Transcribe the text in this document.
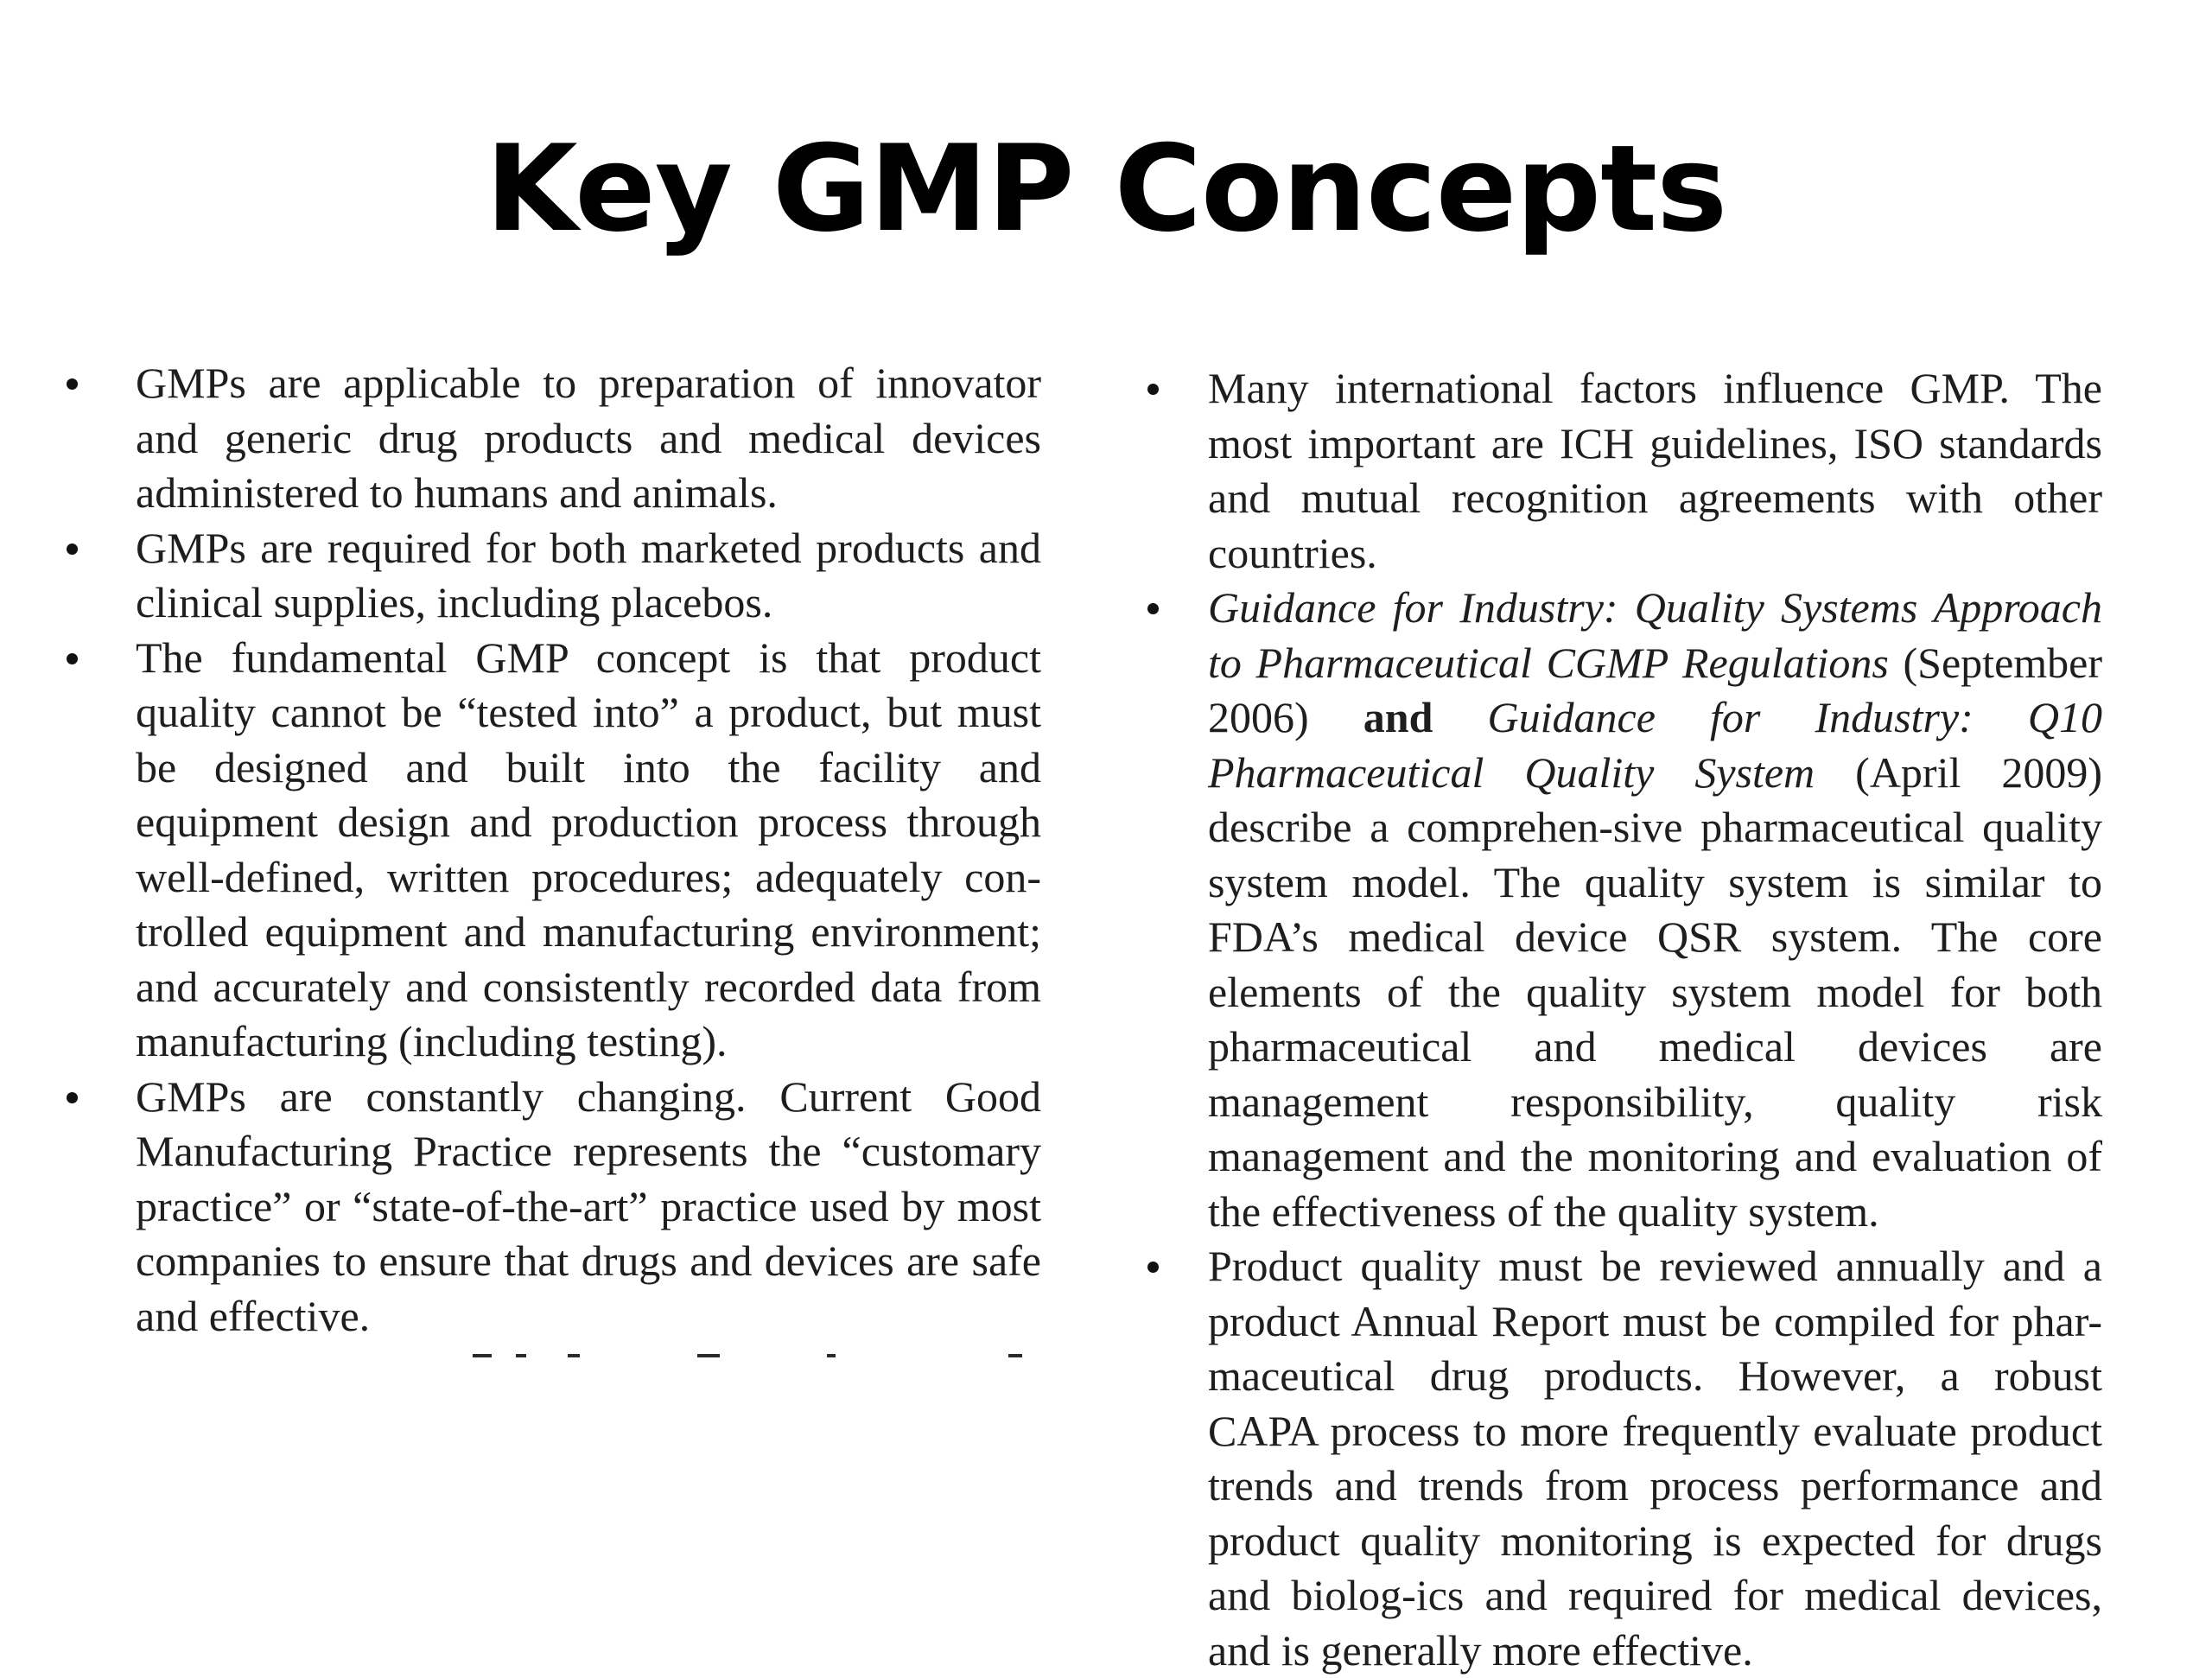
Key GMP Concepts
GMPs are applicable to preparation of innovator and generic drug products and medical devices administered to humans and animals.
GMPs are required for both marketed products and clinical supplies, including placebos.
The fundamental GMP concept is that product quality cannot be “tested into” a product, but must be designed and built into the facility and equipment design and production process through well-defined, written procedures; adequately con-trolled equipment and manufacturing environment; and accurately and consistently recorded data from manufacturing (including testing).
GMPs are constantly changing. Current Good Manufacturing Practice represents the “customary practice” or “state-of-the-art” practice used by most companies to ensure that drugs and devices are safe and effective.
Many international factors influence GMP. The most important are ICH guidelines, ISO standards and mutual recognition agreements with other countries.
Guidance for Industry: Quality Systems Approach to Pharmaceutical CGMP Regulations (September 2006) and Guidance for Industry: Q10 Pharmaceutical Quality System (April 2009) describe a comprehen-sive pharmaceutical quality system model. The quality system is similar to FDA’s medical device QSR system. The core elements of the quality system model for both pharmaceutical and medical devices are management responsibility, quality risk management and the monitoring and evaluation of the effectiveness of the quality system.
Product quality must be reviewed annually and a product Annual Report must be compiled for phar-maceutical drug products. However, a robust CAPA process to more frequently evaluate product trends and trends from process performance and product quality monitoring is expected for drugs and biolog-ics and required for medical devices, and is generally more effective.
